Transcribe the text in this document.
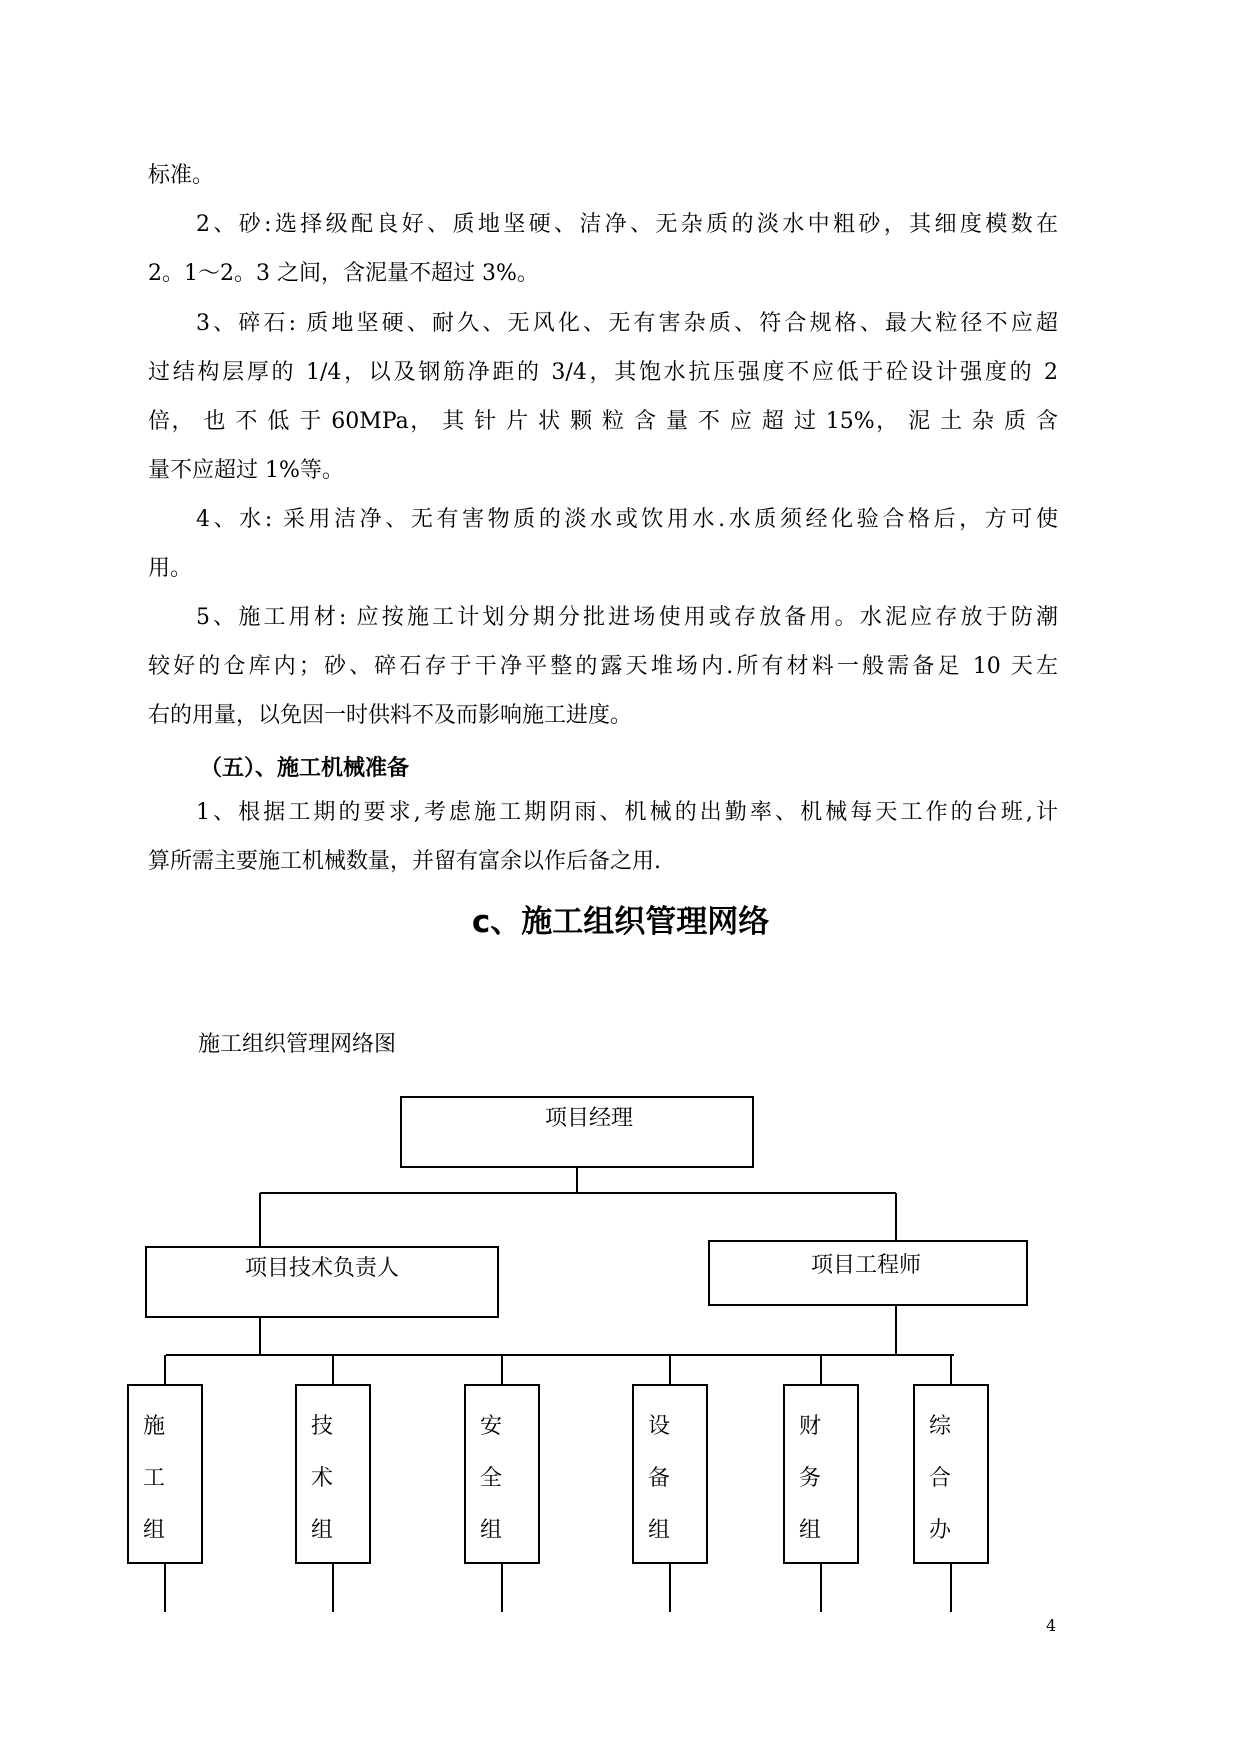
标准。
2、砂:选择级配良好、质地坚硬、洁净、无杂质的淡水中粗砂，其细度模数在
2。1～2。3 之间，含泥量不超过 3%。
3、碎石: 质地坚硬、耐久、无风化、无有害杂质、符合规格、最大粒径不应超
过结构层厚的 1/4，以及钢筋净距的 3/4，其饱水抗压强度不应低于砼设计强度的 2
倍， 也 不 低 于 60MPa， 其 针 片 状 颗 粒 含 量 不 应 超 过 15%， 泥 土 杂 质 含
量不应超过 1%等。
4、水: 采用洁净、无有害物质的淡水或饮用水.水质须经化验合格后，方可使
用。
5、施工用材: 应按施工计划分期分批进场使用或存放备用。水泥应存放于防潮
较好的仓库内；砂、碎石存于干净平整的露天堆场内.所有材料一般需备足 10 天左
右的用量，以免因一时供料不及而影响施工进度。
（五）、施工机械准备
1、根据工期的要求,考虑施工期阴雨、机械的出勤率、机械每天工作的台班,计
算所需主要施工机械数量，并留有富余以作后备之用.
c、施工组织管理网络
施工组织管理网络图
项目经理
项目技术负责人	项目工程师
施
工
组
技
术
组
安
全
组
设
备
组
财
务
组
综
合
办
4
